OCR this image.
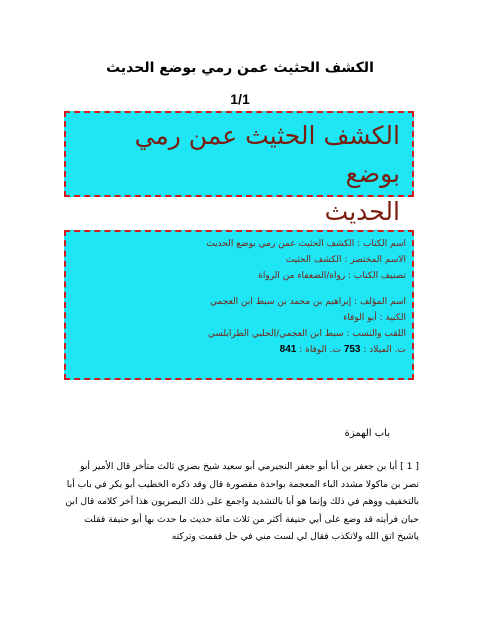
الكشف الحثيث عمن رمي بوضع الحديث
1/1
الكشف الحثيث عمن رمي بوضع
الحديث
اسم الكتاب : الكشف الحثيث عمن رمي بوضع الحديث
الاسم المختصر : الكشف الحثيث
تصنيف الكتاب : رواة/الضعفاء من الرواة
اسم المؤلف : إبراهيم بن محمد بن سبط ابن العجمي
الكنية : أبو الوفاء
اللقب والنسب : سبط ابن العجمي/الحلبي الطرابلسي
ت. الميلاد : 753 ت. الوفاة : 841
باب الهمزة
[ 1 ] أبا بن جعفر بن أبا أبو جعفر النجيرمي أبو سعيد شيخ بصري ثالث متأخر قال الأمير أبو
نصر بن ماكولا مشدد الباء المعجمة بواحدة مقصورة قال وقد ذكره الخطيب أبو بكر في باب أبا
بالتخفيف ووهم في ذلك وإنما هو أبا بالتشديد واجمع على ذلك البصريون هذا آخر كلامه قال ابن
حبان فرأيته قد وضع على أبي حنيفة أكثر من ثلاث مائة حديث ما حدث بها أبو حنيفة فقلت
ياشيخ اتق الله ولاتكذب فقال لي لست مني في حل فقمت وتركته
